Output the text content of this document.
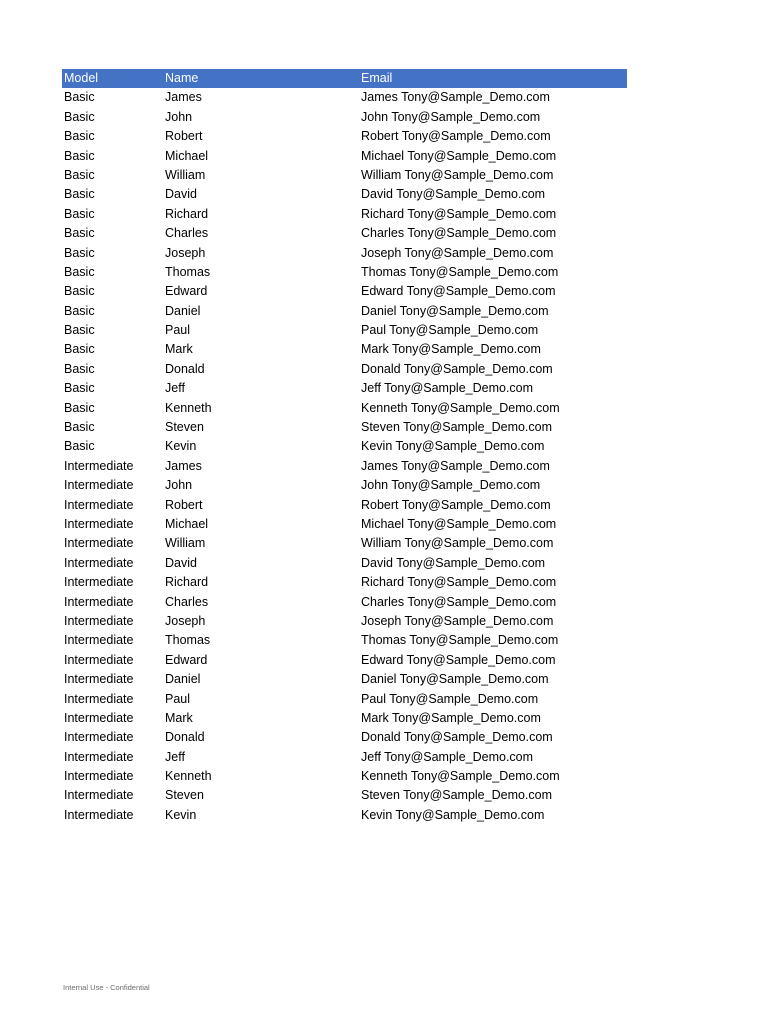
Model	Name	Email
Basic	James	James Tony@Sample_Demo.com
Basic	John	John Tony@Sample_Demo.com
Basic	Robert	Robert Tony@Sample_Demo.com
Basic	Michael	Michael Tony@Sample_Demo.com
Basic	William	William Tony@Sample_Demo.com
Basic	David	David Tony@Sample_Demo.com
Basic	Richard	Richard Tony@Sample_Demo.com
Basic	Charles	Charles Tony@Sample_Demo.com
Basic	Joseph	Joseph Tony@Sample_Demo.com
Basic	Thomas	Thomas Tony@Sample_Demo.com
Basic	Edward	Edward Tony@Sample_Demo.com
Basic	Daniel	Daniel Tony@Sample_Demo.com
Basic	Paul	Paul Tony@Sample_Demo.com
Basic	Mark	Mark Tony@Sample_Demo.com
Basic	Donald	Donald Tony@Sample_Demo.com
Basic	Jeff	Jeff Tony@Sample_Demo.com
Basic	Kenneth	Kenneth Tony@Sample_Demo.com
Basic	Steven	Steven Tony@Sample_Demo.com
Basic	Kevin	Kevin Tony@Sample_Demo.com
Intermediate	James	James Tony@Sample_Demo.com
Intermediate	John	John Tony@Sample_Demo.com
Intermediate	Robert	Robert Tony@Sample_Demo.com
Intermediate	Michael	Michael Tony@Sample_Demo.com
Intermediate	William	William Tony@Sample_Demo.com
Intermediate	David	David Tony@Sample_Demo.com
Intermediate	Richard	Richard Tony@Sample_Demo.com
Intermediate	Charles	Charles Tony@Sample_Demo.com
Intermediate	Joseph	Joseph Tony@Sample_Demo.com
Intermediate	Thomas	Thomas Tony@Sample_Demo.com
Intermediate	Edward	Edward Tony@Sample_Demo.com
Intermediate	Daniel	Daniel Tony@Sample_Demo.com
Intermediate	Paul	Paul Tony@Sample_Demo.com
Intermediate	Mark	Mark Tony@Sample_Demo.com
Intermediate	Donald	Donald Tony@Sample_Demo.com
Intermediate	Jeff	Jeff Tony@Sample_Demo.com
Intermediate	Kenneth	Kenneth Tony@Sample_Demo.com
Intermediate	Steven	Steven Tony@Sample_Demo.com
Intermediate	Kevin	Kevin Tony@Sample_Demo.com
Internal Use - Confidential
